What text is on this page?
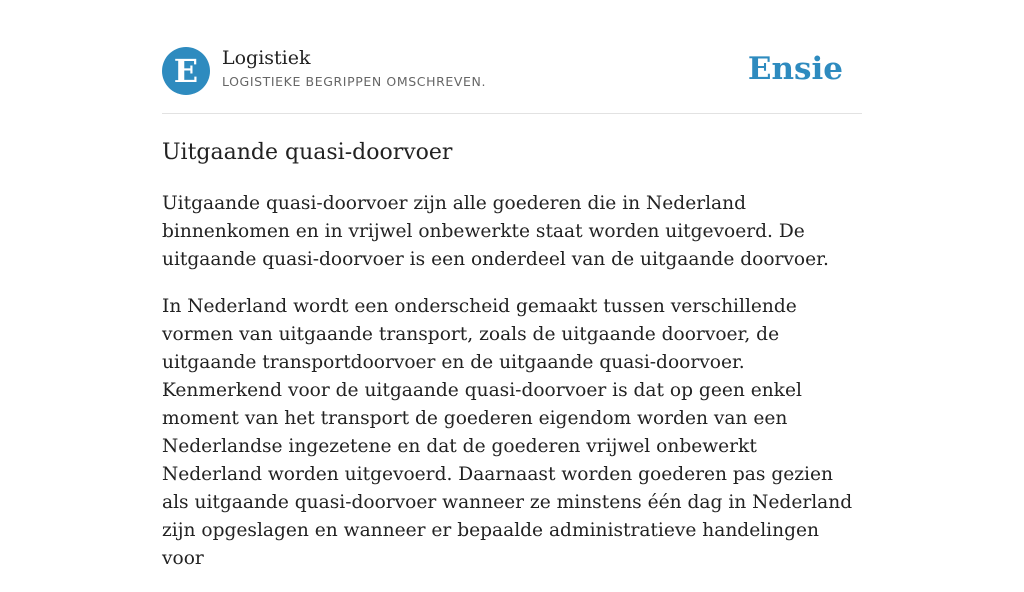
E	Logistiek
LOGISTIEKE BEGRIPPEN OMSCHREVEN.	Ensie
Uitgaande quasi-doorvoer

Uitgaande quasi-doorvoer zijn alle goederen die in Nederland binnenkomen en in vrijwel onbewerkte staat worden uitgevoerd. De uitgaande quasi-doorvoer is een onderdeel van de uitgaande doorvoer.

In Nederland wordt een onderscheid gemaakt tussen verschillende vormen van uitgaande transport, zoals de uitgaande doorvoer, de uitgaande transportdoorvoer en de uitgaande quasi-doorvoer. Kenmerkend voor de uitgaande quasi-doorvoer is dat op geen enkel moment van het transport de goederen eigendom worden van een Nederlandse ingezetene en dat de goederen vrijwel onbewerkt Nederland worden uitgevoerd. Daarnaast worden goederen pas gezien als uitgaande quasi-doorvoer wanneer ze minstens één dag in Nederland zijn opgeslagen en wanneer er bepaalde administratieve handelingen voor
